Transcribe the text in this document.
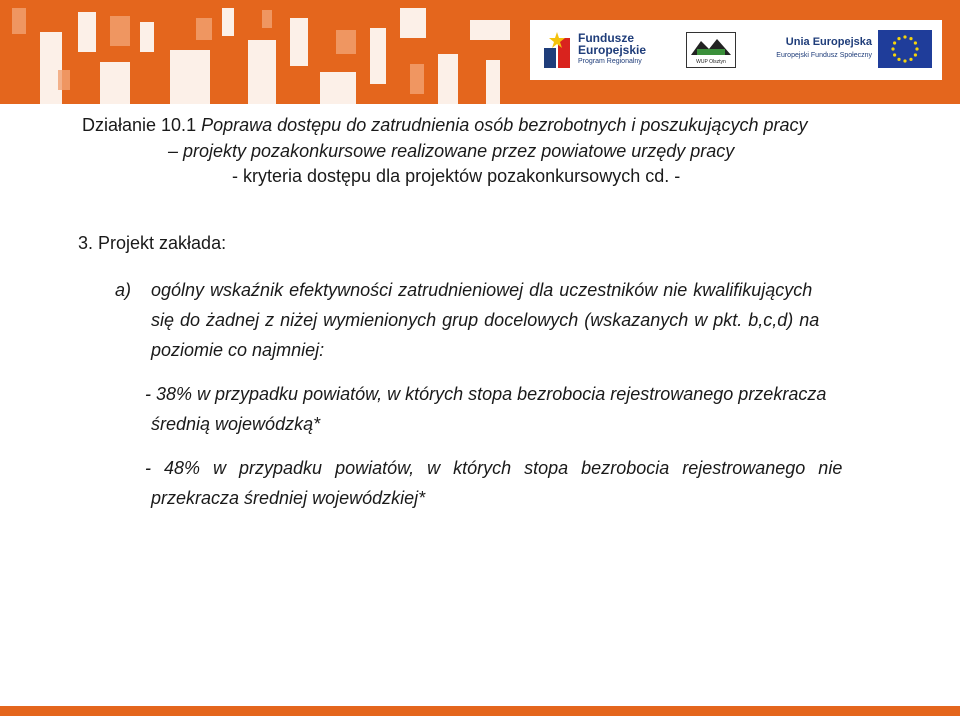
Fundusze
Europejskie
Program Regionalny	WUP Olsztyn
Unia Europejska
Europejski Fundusz Społeczny
Działanie 10.1 Poprawa dostępu do zatrudnienia osób bezrobotnych i poszukujących pracy
– projekty pozakonkursowe realizowane przez powiatowe urzędy pracy
- kryteria dostępu dla projektów pozakonkursowych cd. -
3. Projekt zakłada:
a) ogólny wskaźnik efektywności zatrudnieniowej dla uczestników nie kwalifikujących
się do żadnej z niżej wymienionych grup docelowych (wskazanych w pkt. b,c,d) na
poziomie co najmniej:
- 38% w przypadku powiatów, w których stopa bezrobocia rejestrowanego przekracza
średnią wojewódzką*
- 48% w przypadku powiatów, w których stopa bezrobocia rejestrowanego nie
przekracza średniej wojewódzkiej*
